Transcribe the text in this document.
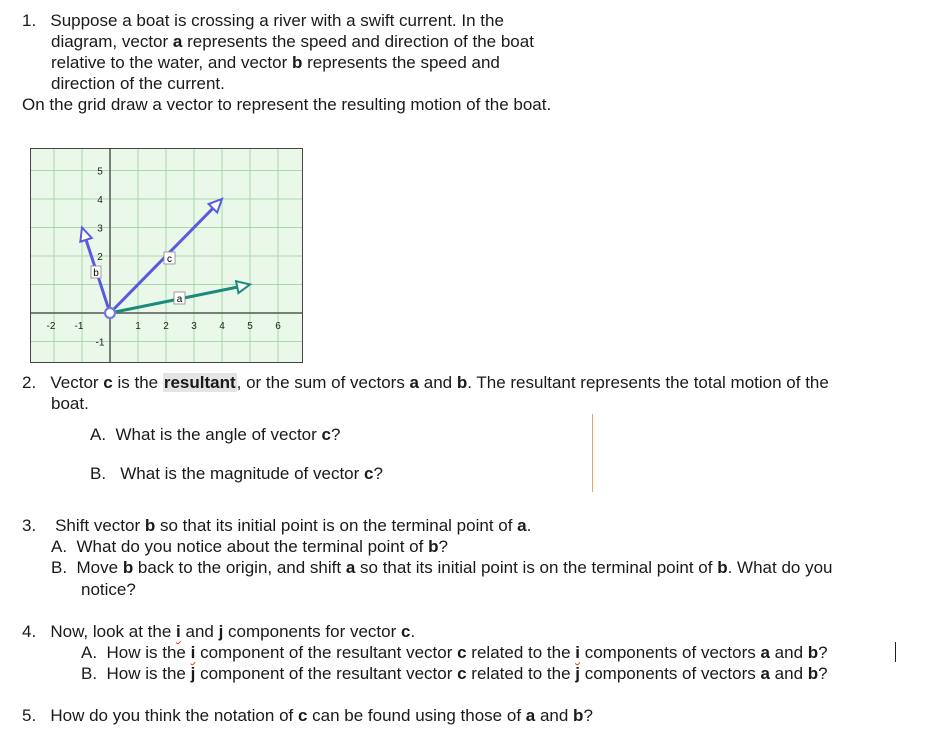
1. Suppose a boat is crossing a river with a swift current. In the
diagram, vector a represents the speed and direction of the boat
relative to the water, and vector b represents the speed and
direction of the current.
On the grid draw a vector to represent the resulting motion of the boat.
-2 -1	1 2 3 4 5 6
5
4
3
2
-1
b
c
a
2. Vector c is the resultant, or the sum of vectors a and b. The resultant represents the total motion of the
boat.
A. What is the angle of vector c?
B. What is the magnitude of vector c?
3. Shift vector b so that its initial point is on the terminal point of a.
A. What do you notice about the terminal point of b?
B. Move b back to the origin, and shift a so that its initial point is on the terminal point of b. What do you
notice?
4. Now, look at the i and j components for vector c.
A. How is the i component of the resultant vector c related to the i components of vectors a and b?
B. How is the j component of the resultant vector c related to the j components of vectors a and b?
5. How do you think the notation of c can be found using those of a and b?
